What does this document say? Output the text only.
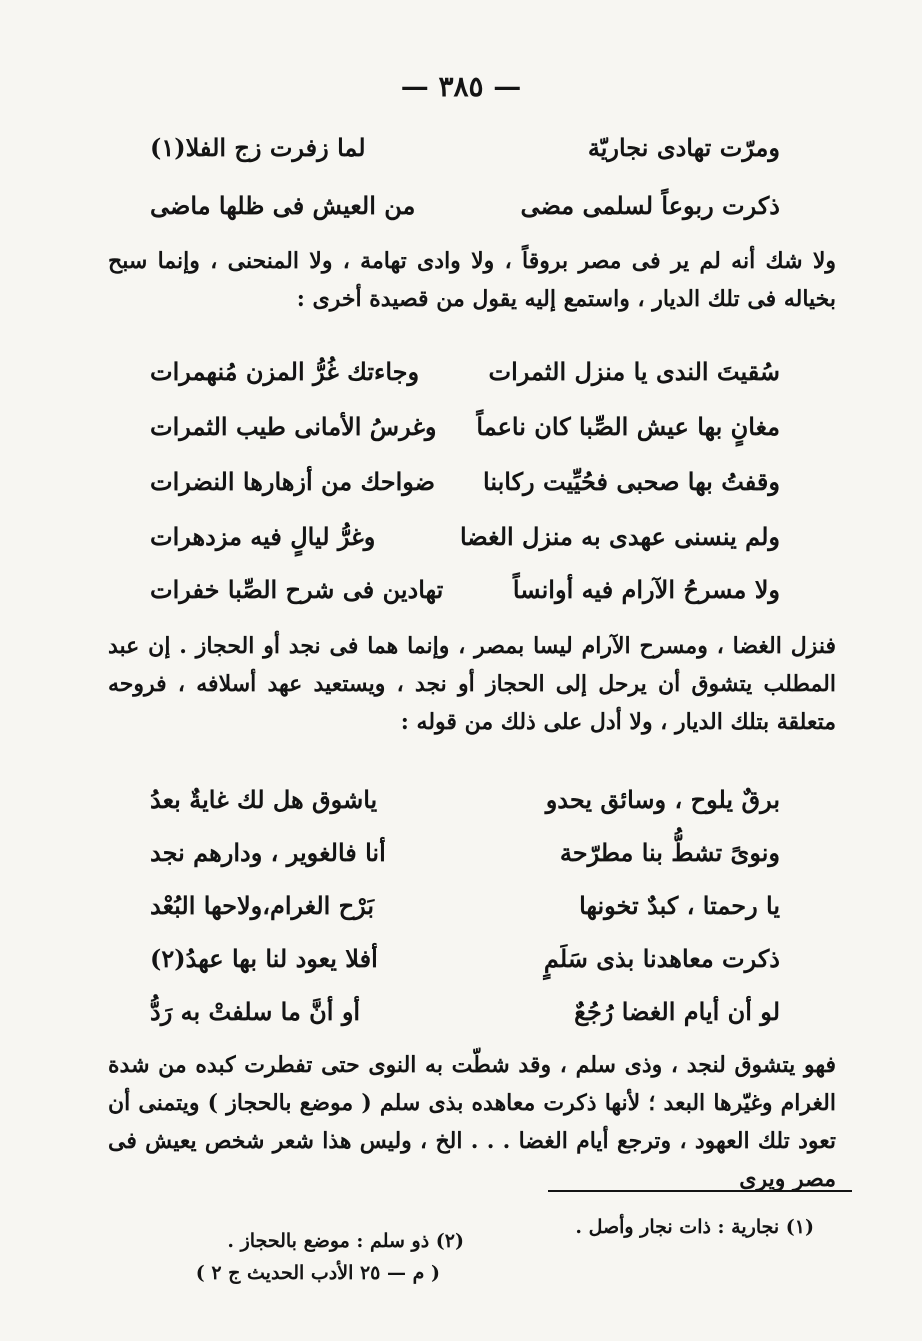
— ٣٨٥ —
ومرّت تهادى نجاريّة
لما زفرت زج الفلا(١)
ذكرت ربوعاً لسلمى مضى
من العيش فى ظلها ماضى
ولا شك أنه لم ير فى مصر بروقاً ، ولا وادى تهامة ، ولا المنحنى ، وإنما سبح بخياله فى تلك الديار ، واستمع إليه يقول من قصيدة أخرى :
سُقيتَ الندى يا منزل الثمرات
وجاءتك غُرُّ المزن مُنهمرات
مغانٍ بها عيش الصِّبا كان ناعماً
وغرسُ الأمانى طيب الثمرات
وقفتُ بها صحبى فحُيِّيت ركابنا
ضواحك من أزهارها النضرات
ولم ينسنى عهدى به منزل الغضا
وغرُّ ليالٍ فيه مزدهرات
ولا مسرحُ الآرام فيه أوانساً
تهادين فى شرح الصِّبا خفرات
فنزل الغضا ، ومسرح الآرام ليسا بمصر ، وإنما هما فى نجد أو الحجاز . إن عبد المطلب يتشوق أن يرحل إلى الحجاز أو نجد ، ويستعيد عهد أسلافه ، فروحه متعلقة بتلك الديار ، ولا أدل على ذلك من قوله :
برقٌ يلوح ، وسائق يحدو
ياشوق هل لك غايةٌ بعدُ
ونوىً تشطُّ بنا مطرّحة
أنا فالغوير ، ودارهم نجد
يا رحمتا ، كبدٌ تخونها
بَرْح الغرام،ولاحها البُعْد
ذكرت معاهدنا بذى سَلَمٍ
أفلا يعود لنا بها عهدُ(٢)
لو أن أيام الغضا رُجُعٌ
أو أنَّ ما سلفتْ به رَدُّ
فهو يتشوق لنجد ، وذى سلم ، وقد شطّت به النوى حتى تفطرت كبده من شدة الغرام وغيّرها البعد ؛ لأنها ذكرت معاهده بذى سلم ( موضع بالحجاز ) ويتمنى أن تعود تلك العهود ، وترجع أيام الغضا . . . الخ ، وليس هذا شعر شخص يعيش فى مصر ويرى
(١) نجارية : ذات نجار وأصل .
(٢) ذو سلم : موضع بالحجاز .
( م — ٢٥ الأدب الحديث ج ٢ )
